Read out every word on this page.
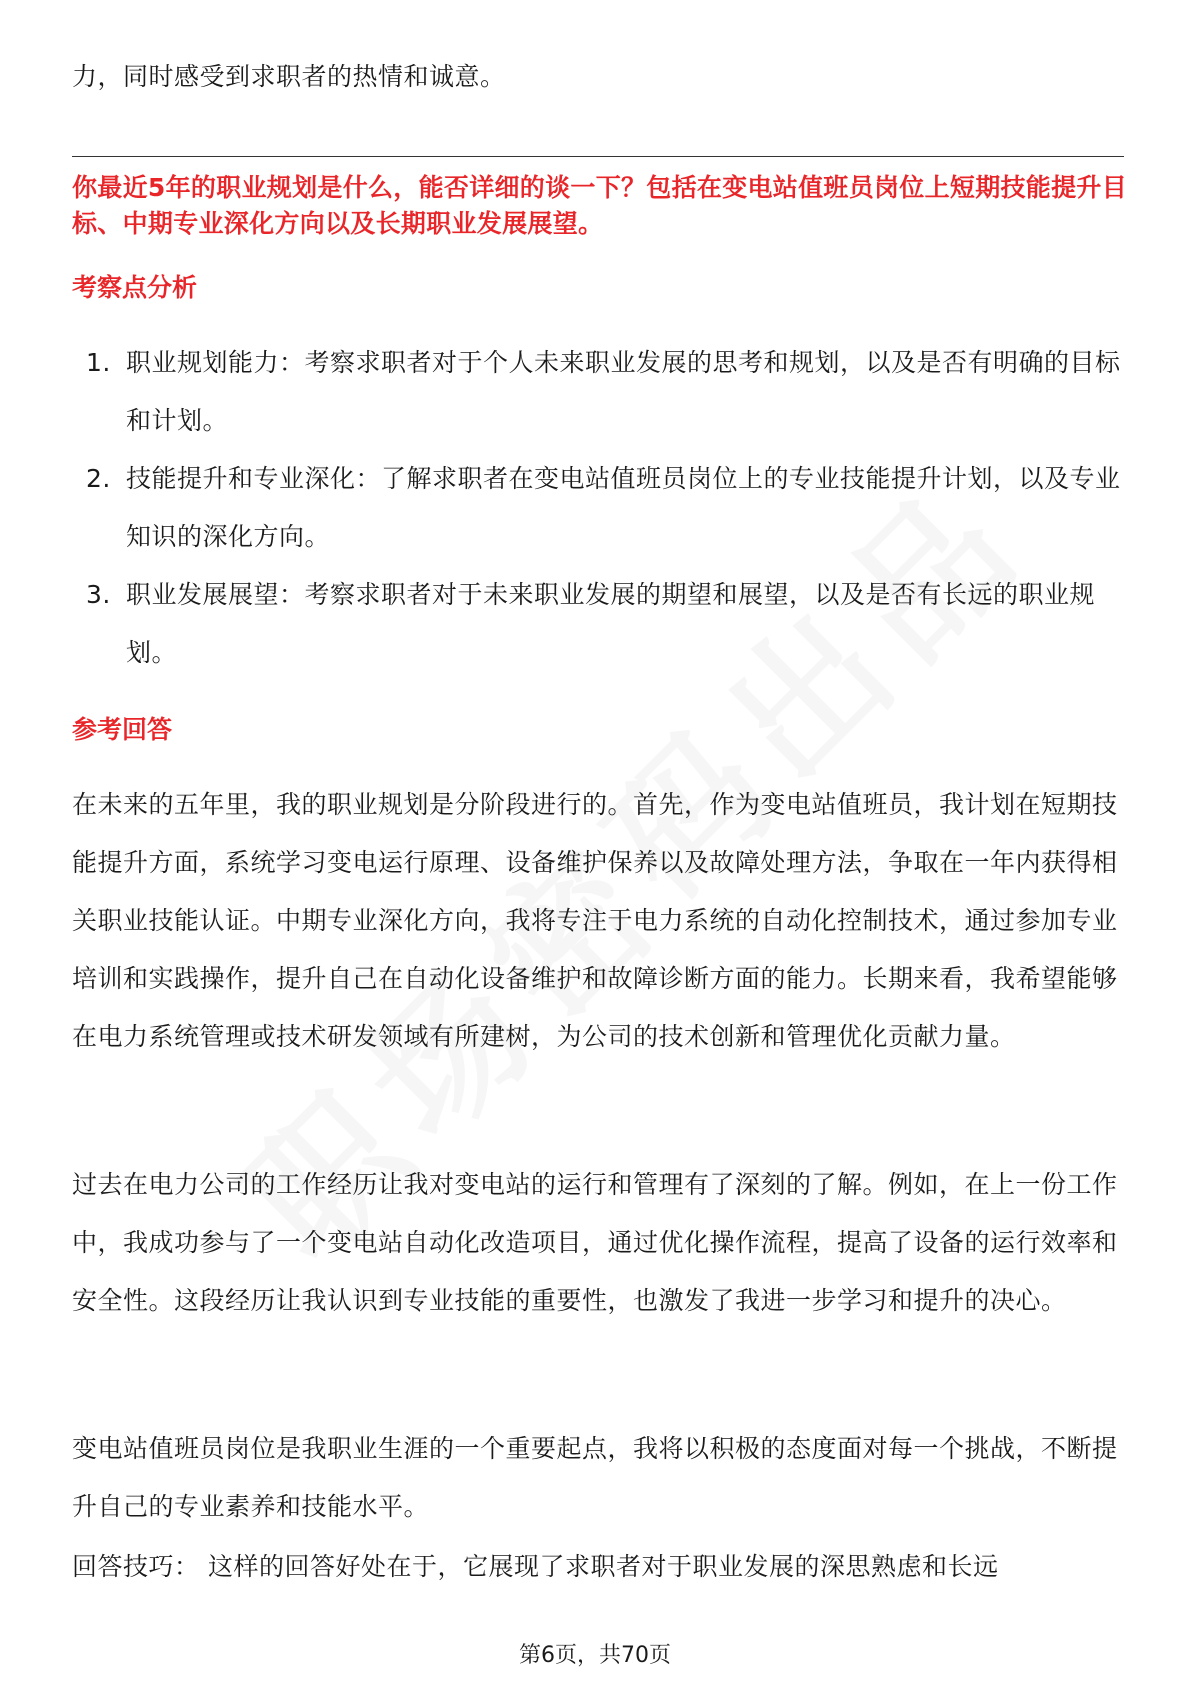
力，同时感受到求职者的热情和诚意。
你最近5年的职业规划是什么，能否详细的谈一下？包括在变电站值班员岗位上短期技能提升目标、中期专业深化方向以及长期职业发展展望。
考察点分析
1. 职业规划能力：考察求职者对于个人未来职业发展的思考和规划，以及是否有明确的目标和计划。
2. 技能提升和专业深化：了解求职者在变电站值班员岗位上的专业技能提升计划，以及专业知识的深化方向。
3. 职业发展展望：考察求职者对于未来职业发展的期望和展望，以及是否有长远的职业规划。
参考回答
在未来的五年里，我的职业规划是分阶段进行的。首先，作为变电站值班员，我计划在短期技能提升方面，系统学习变电运行原理、设备维护保养以及故障处理方法，争取在一年内获得相关职业技能认证。中期专业深化方向，我将专注于电力系统的自动化控制技术，通过参加专业培训和实践操作，提升自己在自动化设备维护和故障诊断方面的能力。长期来看，我希望能够在电力系统管理或技术研发领域有所建树，为公司的技术创新和管理优化贡献力量。
过去在电力公司的工作经历让我对变电站的运行和管理有了深刻的了解。例如，在上一份工作中，我成功参与了一个变电站自动化改造项目，通过优化操作流程，提高了设备的运行效率和安全性。这段经历让我认识到专业技能的重要性，也激发了我进一步学习和提升的决心。
变电站值班员岗位是我职业生涯的一个重要起点，我将以积极的态度面对每一个挑战，不断提升自己的专业素养和技能水平。
回答技巧： 这样的回答好处在于，它展现了求职者对于职业发展的深思熟虑和长远
第6页，共70页
